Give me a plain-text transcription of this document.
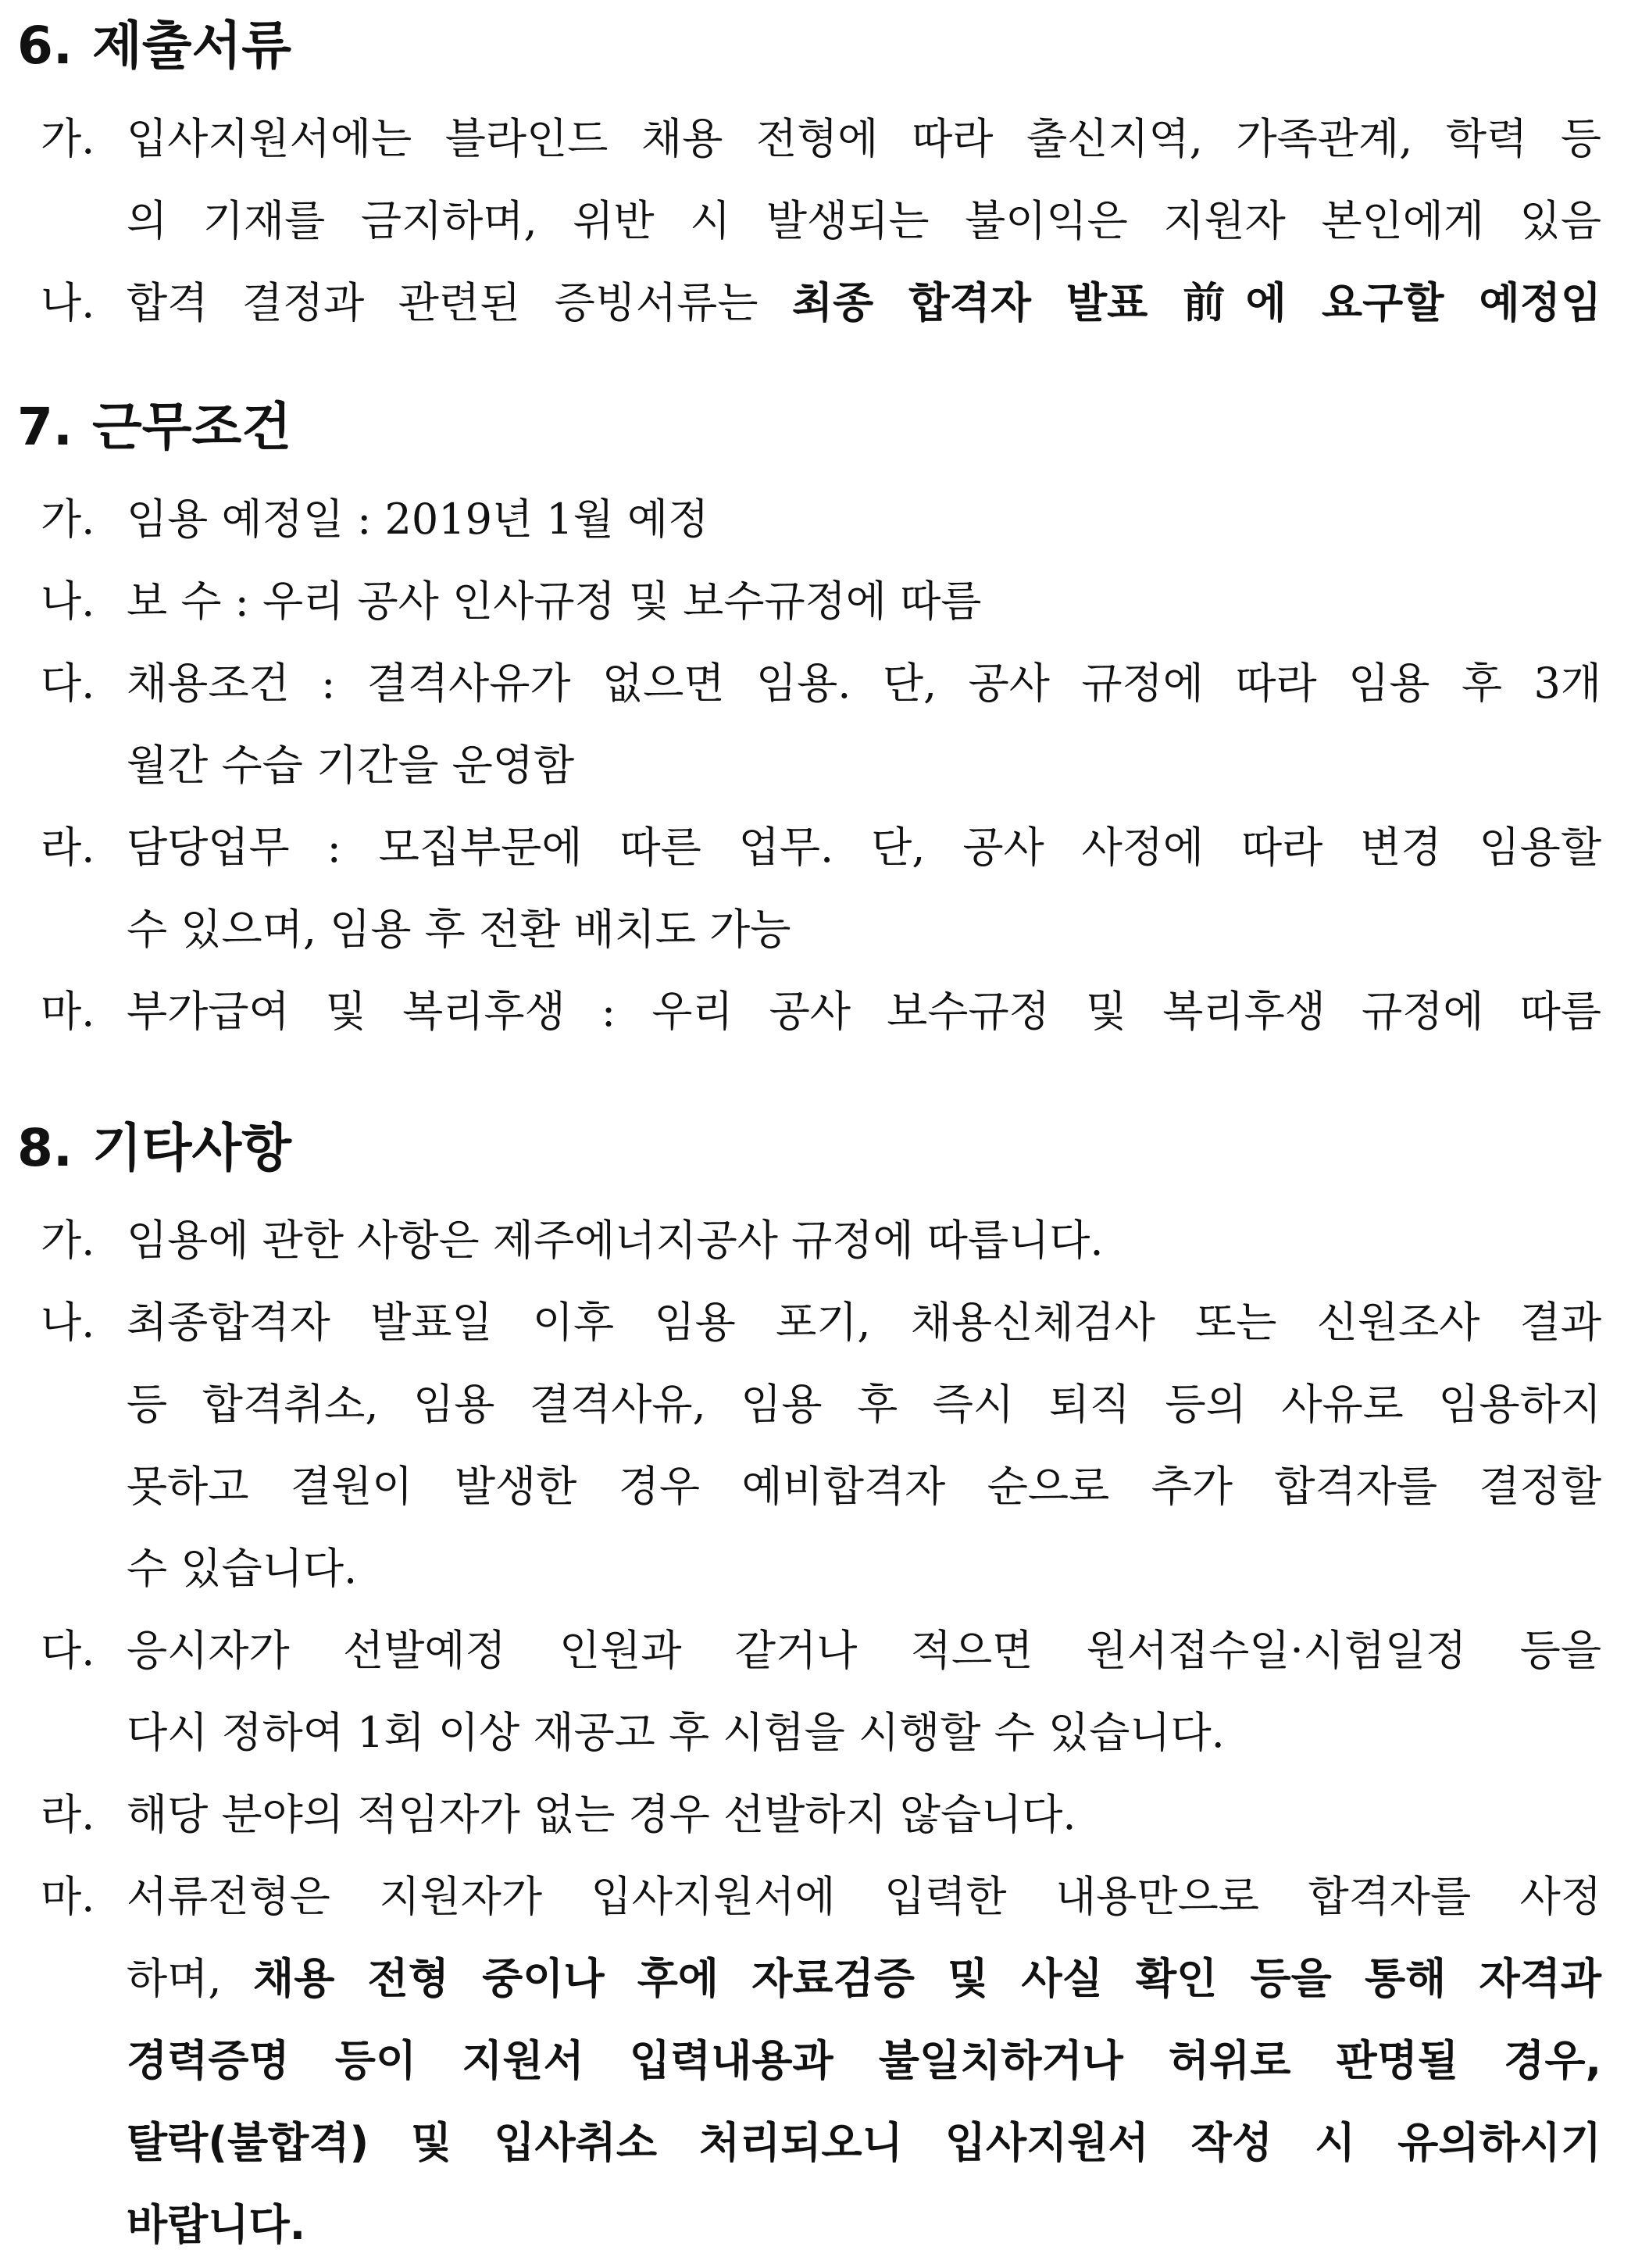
6. 제출서류
가. 입사지원서에는 블라인드 채용 전형에 따라 출신지역, 가족관계, 학력 등
의 기재를 금지하며, 위반 시 발생되는 불이익은 지원자 본인에게 있음
나. 합격 결정과 관련된 증빙서류는 최종 합격자 발표 前에 요구할 예정임
7. 근무조건
가. 임용 예정일 : 2019년 1월 예정
나. 보 수 : 우리 공사 인사규정 및 보수규정에 따름
다. 채용조건 : 결격사유가 없으면 임용. 단, 공사 규정에 따라 임용 후 3개
월간 수습 기간을 운영함
라. 담당업무 : 모집부문에 따른 업무. 단, 공사 사정에 따라 변경 임용할
수 있으며, 임용 후 전환 배치도 가능
마. 부가급여 및 복리후생 : 우리 공사 보수규정 및 복리후생 규정에 따름
8. 기타사항
가. 임용에 관한 사항은 제주에너지공사 규정에 따릅니다.
나. 최종합격자 발표일 이후 임용 포기, 채용신체검사 또는 신원조사 결과
등 합격취소, 임용 결격사유, 임용 후 즉시 퇴직 등의 사유로 임용하지
못하고 결원이 발생한 경우 예비합격자 순으로 추가 합격자를 결정할
수 있습니다.
다. 응시자가 선발예정 인원과 같거나 적으면 원서접수일·시험일정 등을
다시 정하여 1회 이상 재공고 후 시험을 시행할 수 있습니다.
라. 해당 분야의 적임자가 없는 경우 선발하지 않습니다.
마. 서류전형은 지원자가 입사지원서에 입력한 내용만으로 합격자를 사정
하며, 채용 전형 중이나 후에 자료검증 및 사실 확인 등을 통해 자격과
경력증명 등이 지원서 입력내용과 불일치하거나 허위로 판명될 경우,
탈락(불합격) 및 입사취소 처리되오니 입사지원서 작성 시 유의하시기
바랍니다.
